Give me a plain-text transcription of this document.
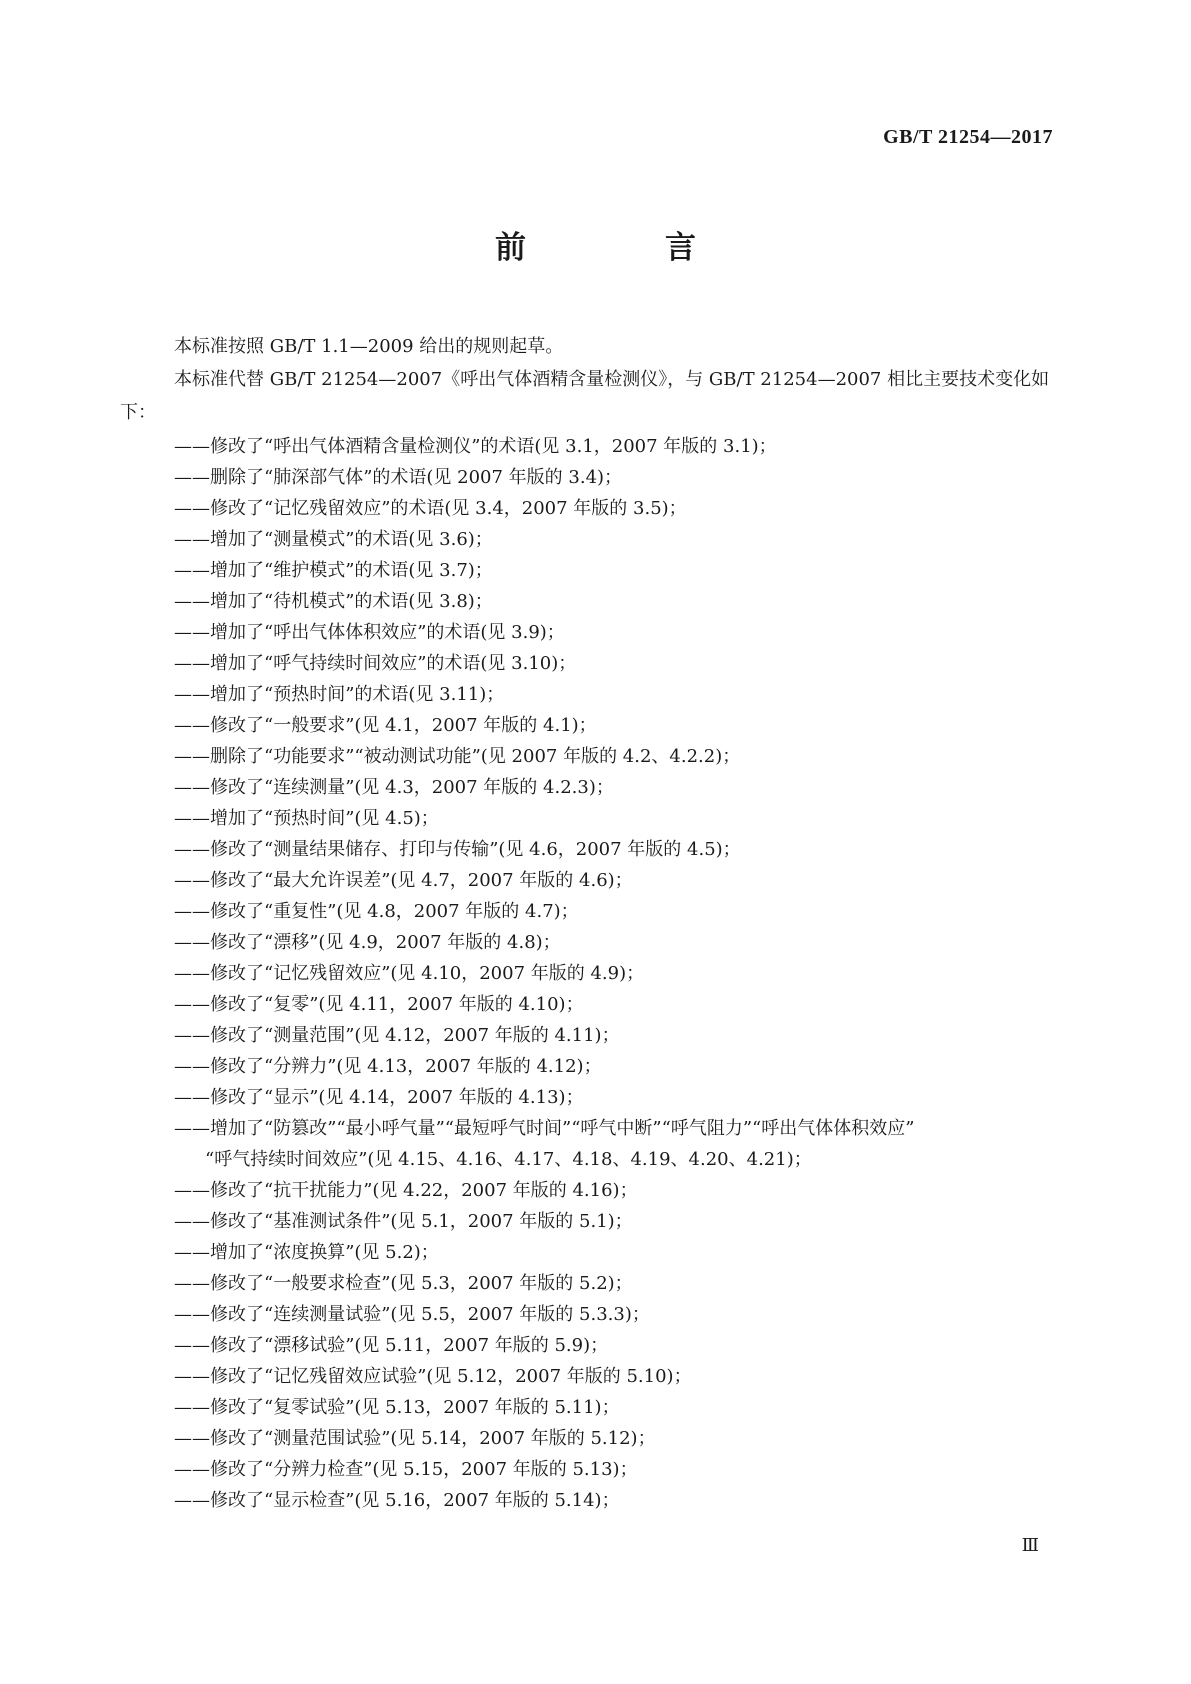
GB/T 21254—2017
前　言

本标准按照 GB/T 1.1—2009 给出的规则起草。

本标准代替 GB/T 21254—2007《呼出气体酒精含量检测仪》，与 GB/T 21254—2007 相比主要技术变化如下：

——修改了“呼出气体酒精含量检测仪”的术语(见 3.1，2007 年版的 3.1)；

——删除了“肺深部气体”的术语(见 2007 年版的 3.4)；

——修改了“记忆残留效应”的术语(见 3.4，2007 年版的 3.5)；

——增加了“测量模式”的术语(见 3.6)；

——增加了“维护模式”的术语(见 3.7)；

——增加了“待机模式”的术语(见 3.8)；

——增加了“呼出气体体积效应”的术语(见 3.9)；

——增加了“呼气持续时间效应”的术语(见 3.10)；

——增加了“预热时间”的术语(见 3.11)；

——修改了“一般要求”(见 4.1，2007 年版的 4.1)；

——删除了“功能要求”“被动测试功能”(见 2007 年版的 4.2、4.2.2)；

——修改了“连续测量”(见 4.3，2007 年版的 4.2.3)；

——增加了“预热时间”(见 4.5)；

——修改了“测量结果储存、打印与传输”(见 4.6，2007 年版的 4.5)；

——修改了“最大允许误差”(见 4.7，2007 年版的 4.6)；

——修改了“重复性”(见 4.8，2007 年版的 4.7)；

——修改了“漂移”(见 4.9，2007 年版的 4.8)；

——修改了“记忆残留效应”(见 4.10，2007 年版的 4.9)；

——修改了“复零”(见 4.11，2007 年版的 4.10)；

——修改了“测量范围”(见 4.12，2007 年版的 4.11)；

——修改了“分辨力”(见 4.13，2007 年版的 4.12)；

——修改了“显示”(见 4.14，2007 年版的 4.13)；

——增加了“防篡改”“最小呼气量”“最短呼气时间”“呼气中断”“呼气阻力”“呼出气体体积效应”
“呼气持续时间效应”(见 4.15、4.16、4.17、4.18、4.19、4.20、4.21)；

——修改了“抗干扰能力”(见 4.22，2007 年版的 4.16)；

——修改了“基准测试条件”(见 5.1，2007 年版的 5.1)；

——增加了“浓度换算”(见 5.2)；

——修改了“一般要求检查”(见 5.3，2007 年版的 5.2)；

——修改了“连续测量试验”(见 5.5，2007 年版的 5.3.3)；

——修改了“漂移试验”(见 5.11，2007 年版的 5.9)；

——修改了“记忆残留效应试验”(见 5.12，2007 年版的 5.10)；

——修改了“复零试验”(见 5.13，2007 年版的 5.11)；

——修改了“测量范围试验”(见 5.14，2007 年版的 5.12)；

——修改了“分辨力检查”(见 5.15，2007 年版的 5.13)；

——修改了“显示检查”(见 5.16，2007 年版的 5.14)；

Ⅲ
